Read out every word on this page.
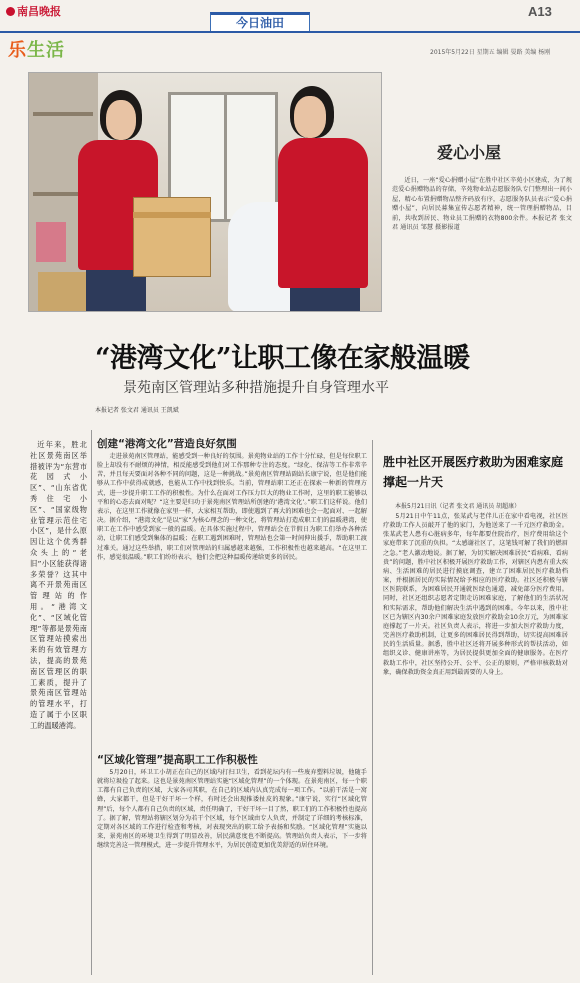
南昌晚报
今日油田
A13
乐生活	2015年5月22日 星期五 编辑 晏路 美编 杨刚
爱心小屋
近日，一座“爱心捐赠小屋”在胜中社区辛苑小区建成，为了规范爱心捐赠物品的存储，辛苑物业站志愿服务队专门整理出一间小屋，精心布置捐赠物品整齐码放有序，志愿服务队员表示“爱心捐赠小屋”，向居民募集宣传志愿者精神，统一管理捐赠物品，目前，共收到居民、物业员工捐赠的衣物800余件。本报记者 张文君 通讯员 邹慧 摄影报道
“港湾文化”让职工像在家般温暖
景苑南区管理站多种措施提升自身管理水平
本报记者 张文君 通讯员 王凯斌
近年来，胜北社区景苑南区举措被评为“东营市花园式小区”、“山东省优秀住宅小区”、“国家级物业管理示范住宅小区”，是什么原因让这个优秀群众头上的“老旧”小区能获得诸多荣誉？这其中离不开景苑南区管理站的作用。“港湾文化”、“区域化管理”等都是景苑南区管理站摸索出来的有效管理方法，提高的景苑南区管理区的职工素质，提升了景苑南区管理站的管理水平，打造了属于小区职工的温暖港湾。
创建“港湾文化”营造良好氛围
走进景苑南区管理站，能感受到一种良好的氛围。景苑物业站的工作十分忙碌，但是每位职工脸上却没有不耐烦的神情，相反能感受到他们对工作那种专注的态度。“绿化、保洁等工作非常辛苦，并且每天要面对各种不同的问题，这是一种挑战。”景苑南区管理站副站长康宁说，但是他们能够从工作中获得成就感，也能从工作中找到快乐。当前，管理站职工还正在探索一种新的管理方式，进一步提升职工工作的积极性。为什么在面对工作压力巨大的物业工作时，这里的职工能够以平和的心态去面对呢？“这主要是归功于景苑南区管理站所创建的‘港湾文化’。”职工们这样说。他们表示，在这里工作就像在家里一样，大家相互帮助，即使遇到了再大的困难也会一起面对、一起解决。据介绍，“港湾文化”是以“家”为核心理念的一种文化，将管理站打造成职工们的温暖港湾，使职工在工作中感受到家一般的温暖。在具体实施过程中，管理站会在节假日为职工们举办各种活动，让职工们感受到集体的温暖；在职工遇到困难时，管理站也会第一时间伸出援手，帮助职工渡过难关。通过这些举措，职工们对管理站的归属感越来越强，工作积极性也越来越高。“在这里工作，感觉很温暖。”职工们纷纷表示，他们会把这种温暖传递给更多的居民。
“区域化管理”提高职工工作积极性
5月20日，环卫工小胡正在自己的区域内打扫卫生，看到花坛内有一些废弃塑料垃圾，他随手就将垃圾捡了起来。这也是景苑南区管理站实施“区域化管理”的一个体现。在景苑南区，每一个职工都有自己负责的区域，大家各司其职，在自己的区域内认真完成每一项工作。“以前干活是一窝蜂，大家都干，但是干好干坏一个样，有时还会出现推诿扯皮的现象。”康宁说，实行“区域化管理”后，每个人都有自己负责的区域，责任明确了，干好干坏一目了然，职工们的工作积极性也提高了。据了解，管理站将辖区划分为若干个区域，每个区域由专人负责，并制定了详细的考核标准，定期对各区域的工作进行检查和考核，对表现突出的职工给予表扬和奖励。“区域化管理”实施以来，景苑南区的环境卫生得到了明显改善，居民满意度也不断提高。管理站负责人表示，下一步将继续完善这一管理模式，进一步提升管理水平，为居民创造更加优美舒适的居住环境。
胜中社区开展医疗救助为困难家庭撑起一片天
本报5月21日讯（记者 张文君 通讯员 胡超康）
5月21日中午11点，张某武与老伴儿正在家中看电视，社区医疗救助工作人员敲开了他的家门，为他送来了一千元医疗救助金。张某武老人患有心脏病多年，每年都要住院治疗，医疗费用给这个家庭带来了沉重的负担。“太感谢社区了，这笔钱可解了我们的燃眉之急。”老人激动地说。据了解，为切实解决困难居民“看病难、看病贵”的问题，胜中社区积极开展医疗救助工作，对辖区内患有重大疾病、生活困难的居民进行摸底调查，建立了困难居民医疗救助档案，并根据居民的实际情况给予相应的医疗救助。社区还积极与辖区医院联系，为困难居民开通就医绿色通道，减免部分医疗费用。同时，社区还组织志愿者定期走访困难家庭，了解他们的生活状况和实际需求，帮助他们解决生活中遇到的困难。今年以来，胜中社区已为辖区内30余户困难家庭发放医疗救助金10余万元，为困难家庭撑起了一片天。社区负责人表示，将进一步加大医疗救助力度，完善医疗救助机制，让更多的困难居民得到帮助，切实提高困难居民的生活质量。据悉，胜中社区还将开展多种形式的帮扶活动，如组织义诊、健康讲座等，为居民提供更加全面的健康服务。在医疗救助工作中，社区坚持公开、公平、公正的原则，严格审核救助对象，确保救助资金真正用到最需要的人身上。
